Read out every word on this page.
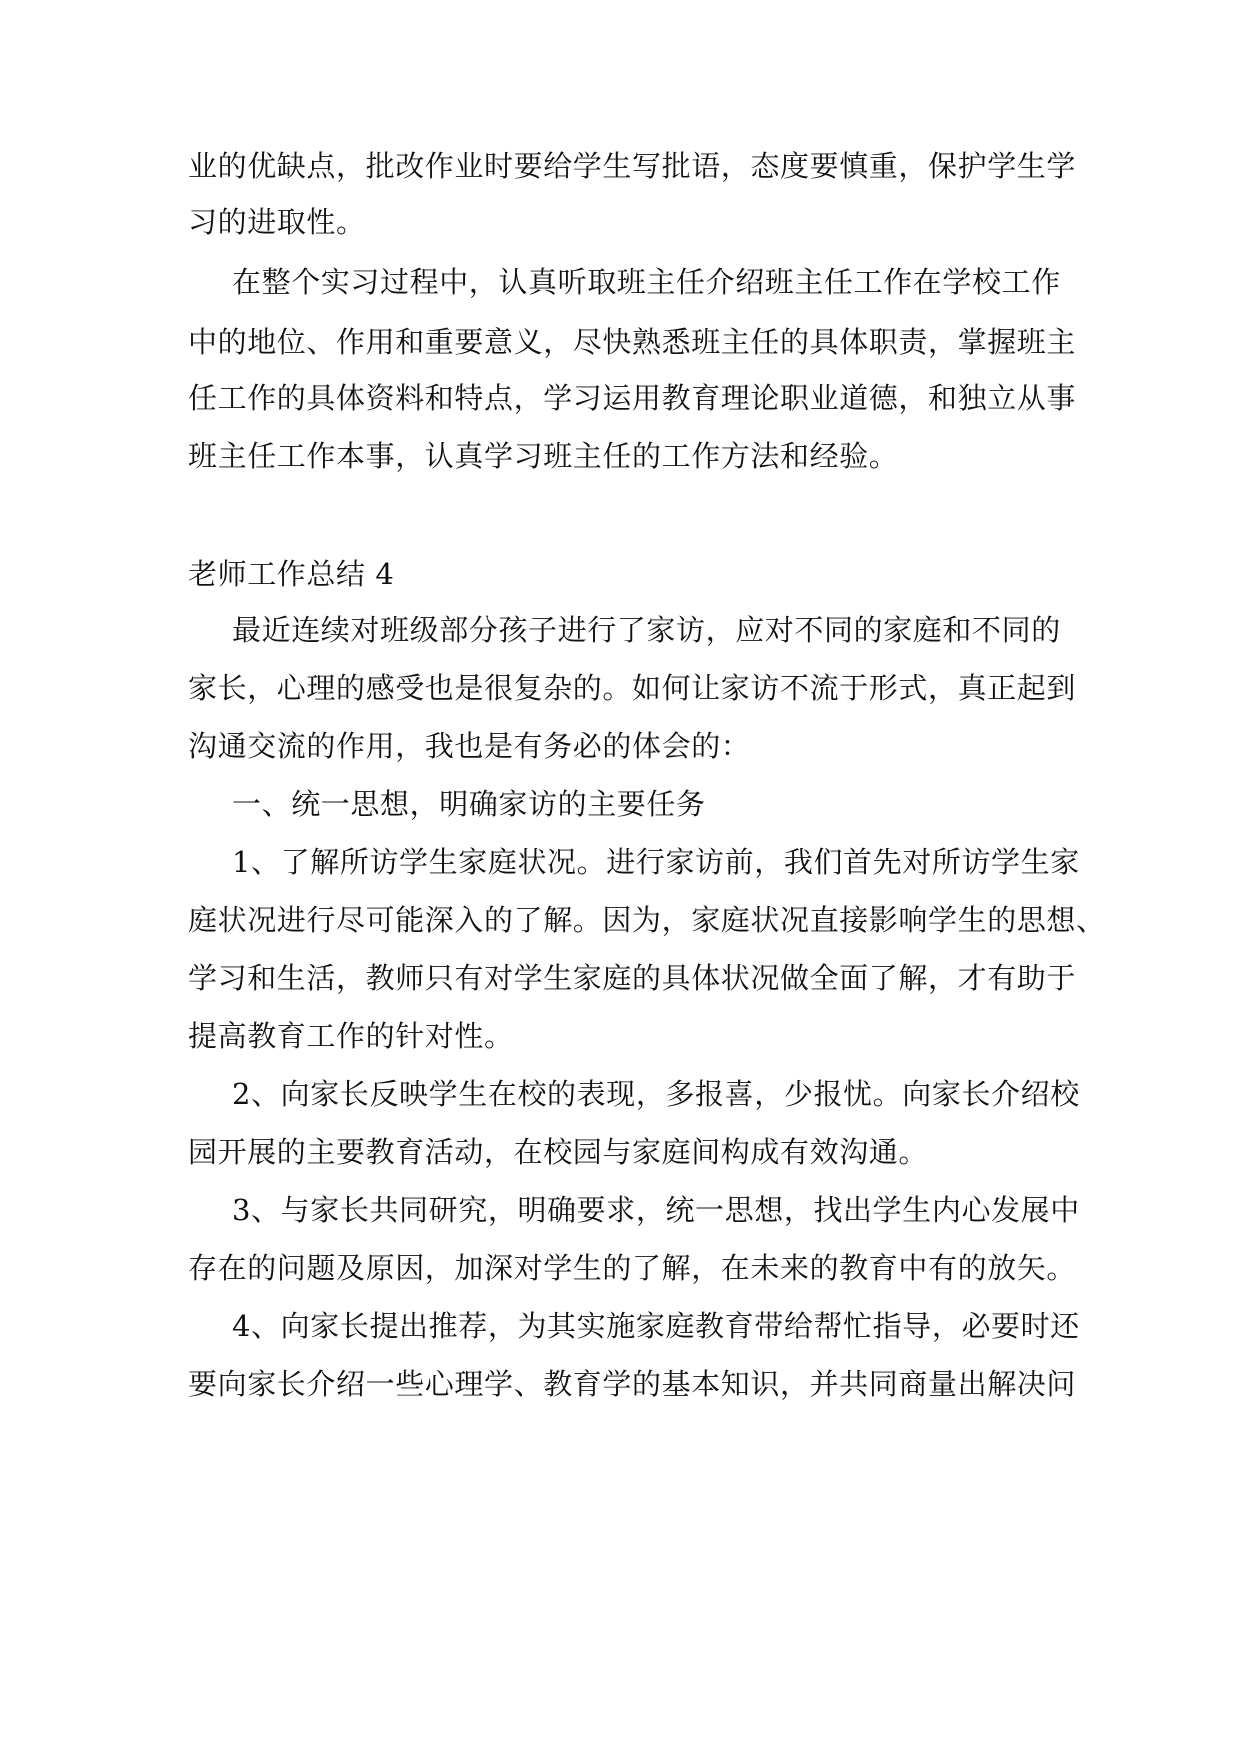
业的优缺点，批改作业时要给学生写批语，态度要慎重，保护学生学
习的进取性。
在整个实习过程中，认真听取班主任介绍班主任工作在学校工作
中的地位、作用和重要意义，尽快熟悉班主任的具体职责，掌握班主
任工作的具体资料和特点，学习运用教育理论职业道德，和独立从事
班主任工作本事，认真学习班主任的工作方法和经验。
老师工作总结 4
最近连续对班级部分孩子进行了家访，应对不同的家庭和不同的
家长，心理的感受也是很复杂的。如何让家访不流于形式，真正起到
沟通交流的作用，我也是有务必的体会的：
一、统一思想，明确家访的主要任务
1、了解所访学生家庭状况。进行家访前，我们首先对所访学生家
庭状况进行尽可能深入的了解。因为，家庭状况直接影响学生的思想、
学习和生活，教师只有对学生家庭的具体状况做全面了解，才有助于
提高教育工作的针对性。
2、向家长反映学生在校的表现，多报喜，少报忧。向家长介绍校
园开展的主要教育活动，在校园与家庭间构成有效沟通。
3、与家长共同研究，明确要求，统一思想，找出学生内心发展中
存在的问题及原因，加深对学生的了解，在未来的教育中有的放矢。
4、向家长提出推荐，为其实施家庭教育带给帮忙指导，必要时还
要向家长介绍一些心理学、教育学的基本知识，并共同商量出解决问
